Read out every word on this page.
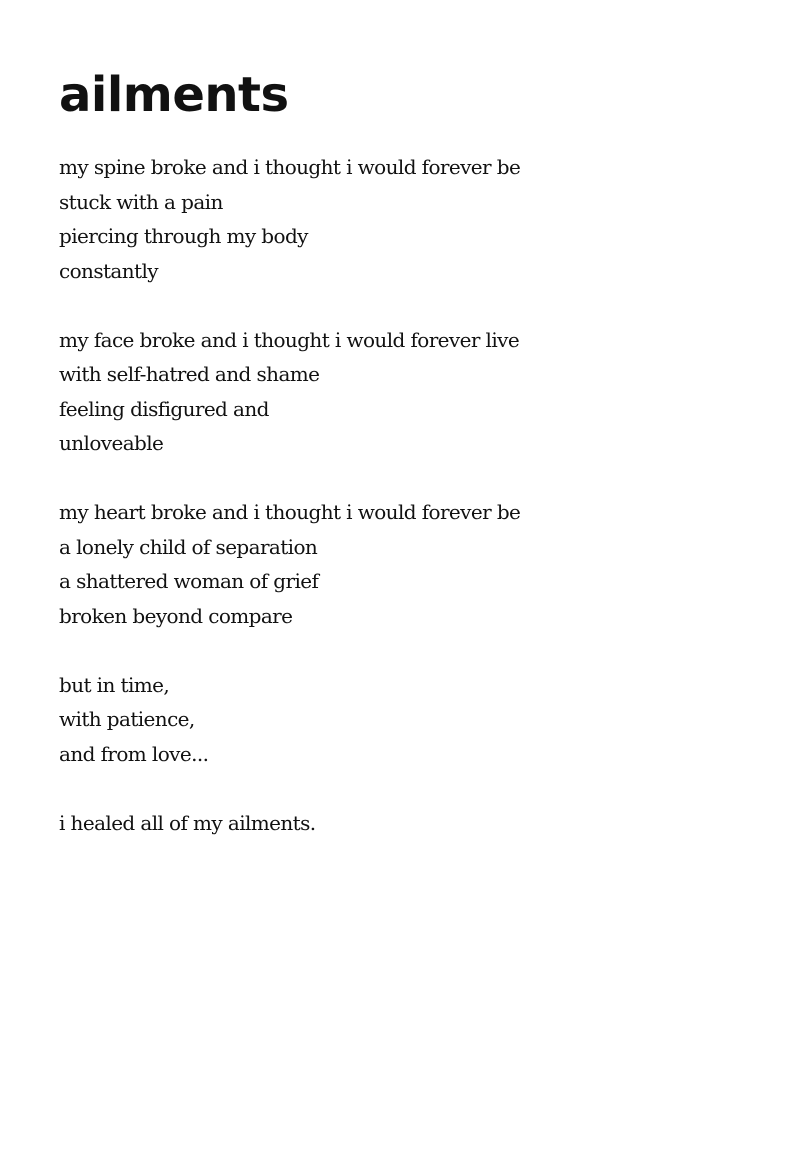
ailments
my spine broke and i thought i would forever be
stuck with a pain
piercing through my body
constantly
my face broke and i thought i would forever live
with self-hatred and shame
feeling disfigured and
unloveable
my heart broke and i thought i would forever be
a lonely child of separation
a shattered woman of grief
broken beyond compare
but in time,
with patience,
and from love...
i healed all of my ailments.
